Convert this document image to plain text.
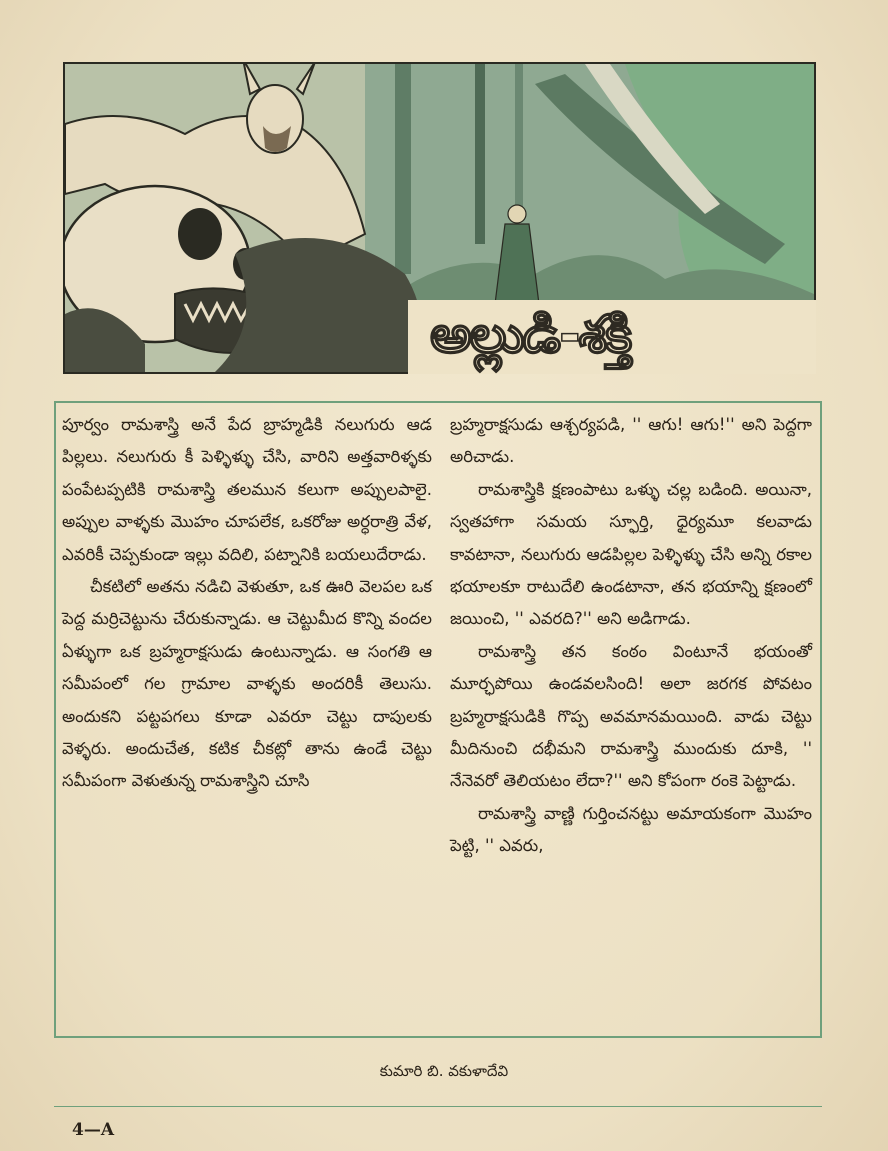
అల్లుడి-శక్తి

పూర్వం రామశాస్త్రి అనే పేద బ్రాహ్మడికి నలుగురు ఆడ పిల్లలు. నలుగురు కీ పెళ్ళిళ్ళు చేసి, వారిని అత్తవారిళ్ళకు పంపేటప్పటికి రామశాస్త్రి తలమున కలుగా అప్పులపాలై. అప్పుల వాళ్ళకు మొహం చూపలేక, ఒకరోజు అర్ధరాత్రి వేళ, ఎవరికీ చెప్పకుండా ఇల్లు వదిలి, పట్నానికి బయలుదేరాడు.

చీకటిలో అతను నడిచి వెళుతూ, ఒక ఊరి వెలపల ఒక పెద్ద మర్రిచెట్టును చేరుకున్నాడు. ఆ చెట్టుమీద కొన్ని వందల ఏళ్ళుగా ఒక బ్రహ్మరాక్షసుడు ఉంటున్నాడు. ఆ సంగతి ఆ సమీపంలో గల గ్రామాల వాళ్ళకు అందరికీ తెలుసు. అందుకని పట్టపగలు కూడా ఎవరూ చెట్టు దాపులకు వెళ్ళరు. అందుచేత, కటిక చీకట్లో తాను ఉండే చెట్టు సమీపంగా వెళుతున్న రామశాస్త్రిని చూసి

బ్రహ్మరాక్షసుడు ఆశ్చర్యపడి, '' ఆగు! ఆగు!'' అని పెద్దగా అరిచాడు.

రామశాస్త్రికి క్షణంపాటు ఒళ్ళు చల్ల బడింది. అయినా, స్వతహాగా సమయ స్ఫూర్తి, ధైర్యమూ కలవాడు కావటానా, నలుగురు ఆడపిల్లల పెళ్ళిళ్ళు చేసి అన్ని రకాల భయాలకూ రాటుదేలి ఉండటానా, తన భయాన్ని క్షణంలో జయించి, '' ఎవరది?'' అని అడిగాడు.

రామశాస్త్రి తన కంఠం వింటూనే భయంతో మూర్ఛపోయి ఉండవలసింది! అలా జరగక పోవటం బ్రహ్మరాక్షసుడికి గొప్ప అవమానమయింది. వాడు చెట్టు మీదినుంచి దభీమని రామశాస్త్రి ముందుకు దూకి, '' నేనెవరో తెలియటం లేదా?'' అని కోపంగా రంకె పెట్టాడు.

రామశాస్త్రి వాణ్ణి గుర్తించనట్టు అమాయకంగా మొహం పెట్టి, '' ఎవరు,

కుమారి బి. వకుళాదేవి
4—A
